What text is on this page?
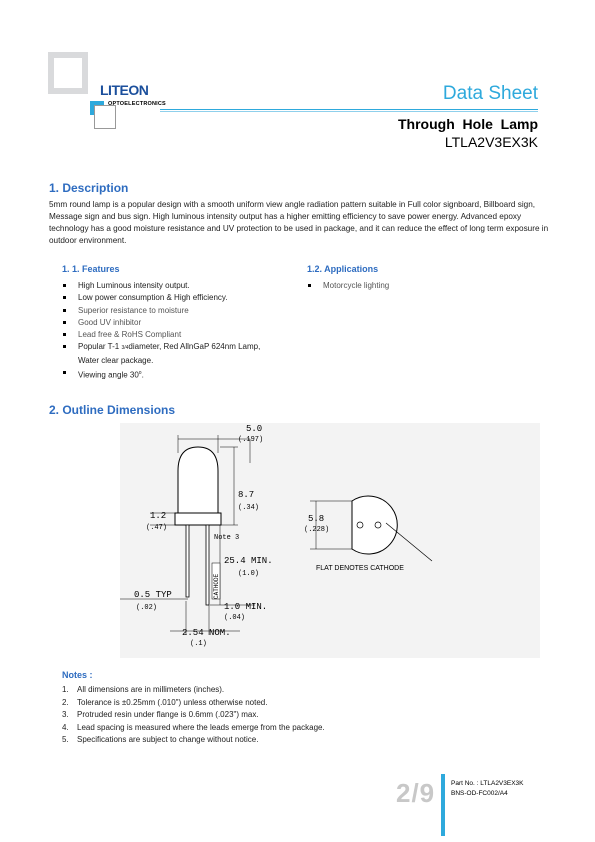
LITEON
OPTOELECTRONICS	Data Sheet
Through  Hole  Lamp
LTLA2V3EX3K
1. Description
5mm round lamp is a popular design with a smooth uniform view angle radiation pattern suitable in Full color signboard, Billboard sign, Message sign and bus sign. High luminous intensity output has a higher emitting efficiency to save power energy. Advanced epoxy technology has a good moisture resistance and UV protection to be used in package, and it can reduce the effect of long term exposure in outdoor environment.
1. 1. Features
High Luminous intensity output.
Low power consumption & High efficiency.
Superior resistance to moisture
Good UV inhibitor
Lead free & RoHS Compliant
Popular T-1 3/4diameter, Red AllnGaP 624nm Lamp,
Water clear package.
Viewing angle 30$^o$.
1.2. Applications
Motorcycle lighting
2. Outline Dimensions
5.0
(.197)
8.7
(.34)
1.2
(.47)
Note 3
25.4 MIN.
(1.0)
CATHODE
0.5 TYP
(.02)	1.0 MIN.
(.04)
2.54 NOM.
(.1)
5.8
(.228)
FLAT DENOTES CATHODE
Notes :
1. All dimensions are in millimeters (inches).
2. Tolerance is ±0.25mm (.010") unless otherwise noted.
3. Protruded resin under flange is 0.6mm (.023") max.
4. Lead spacing is measured where the leads emerge from the package.
5. Specifications are subject to change without notice.
2/9 Part No. : LTLA2V3EX3K
BNS-OD-FC002/A4
